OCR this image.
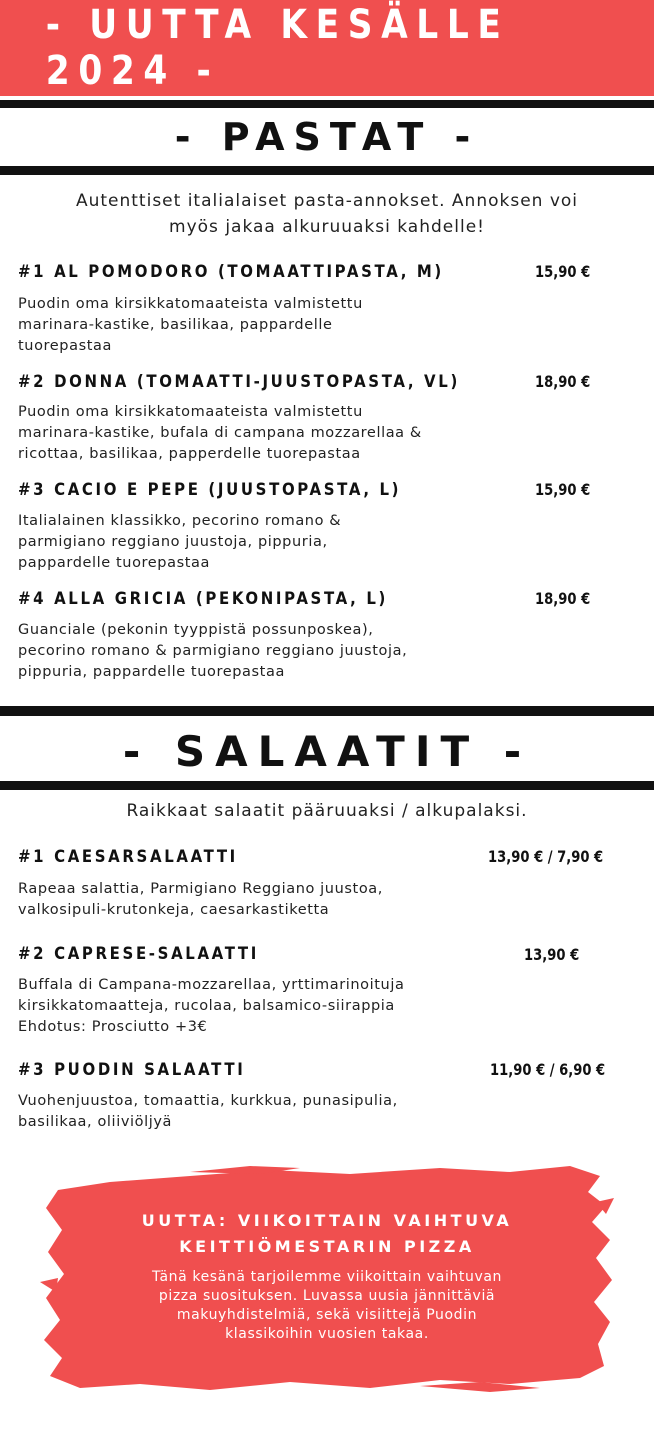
- UUTTA KESÄLLE 2024 -
- PASTAT -

Autenttiset italialaiset pasta-annokset. Annoksen voi
myös jakaa alkuruuaksi kahdelle!

#1 AL POMODORO (TOMAATTIPASTA, M)	15,90 €

Puodin oma kirsikkatomaateista valmistettu
marinara-kastike, basilikaa, pappardelle
tuorepastaa

#2 DONNA (TOMAATTI-JUUSTOPASTA, VL)	18,90 €

Puodin oma kirsikkatomaateista valmistettu
marinara-kastike, bufala di campana mozzarellaa &
ricottaa, basilikaa, papperdelle tuorepastaa

#3 CACIO E PEPE (JUUSTOPASTA, L)	15,90 €

Italialainen klassikko, pecorino romano &
parmigiano reggiano juustoja, pippuria,
pappardelle tuorepastaa

#4 ALLA GRICIA (PEKONIPASTA, L)	18,90 €

Guanciale (pekonin tyyppistä possunposkea),
pecorino romano & parmigiano reggiano juustoja,
pippuria, pappardelle tuorepastaa

- SALAATIT -

Raikkaat salaatit pääruuaksi / alkupalaksi.

#1 CAESARSALAATTI	13,90 € / 7,90 €

Rapeaa salattia, Parmigiano Reggiano juustoa,
valkosipuli-krutonkeja, caesarkastiketta

#2 CAPRESE-SALAATTI	13,90 €

Buffala di Campana-mozzarellaa, yrttimarinoituja
kirsikkatomaatteja, rucolaa, balsamico-siirappia
Ehdotus: Prosciutto +3€

#3 PUODIN SALAATTI	11,90 € / 6,90 €

Vuohenjuustoa, tomaattia, kurkkua, punasipulia,
basilikaa, oliiviöljyä

UUTTA: VIIKOITTAIN VAIHTUVA
KEITTIÖMESTARIN PIZZA

Tänä kesänä tarjoilemme viikoittain vaihtuvan
pizza suosituksen. Luvassa uusia jännittäviä
makuyhdistelmiä, sekä visiittejä Puodin
klassikoihin vuosien takaa.
